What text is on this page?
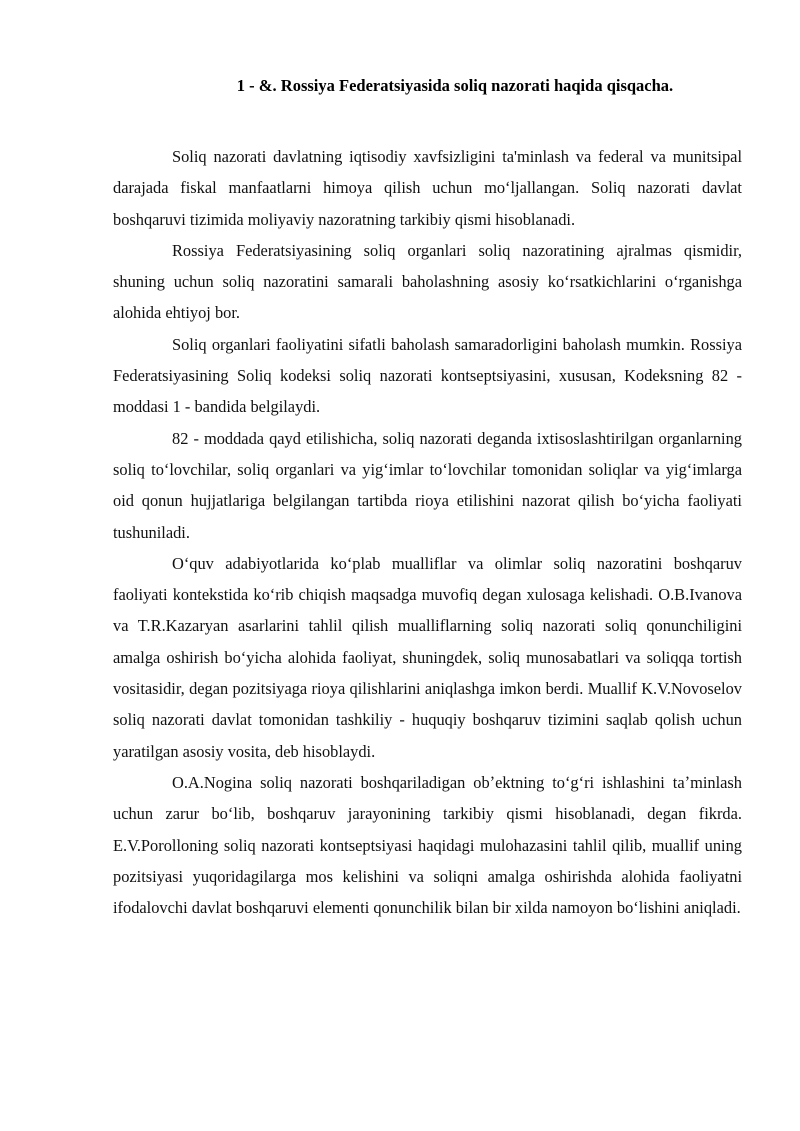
1 - &. Rossiya Federatsiyasida soliq nazorati haqida qisqacha.

Soliq nazorati davlatning iqtisodiy xavfsizligini ta'minlash va federal va munitsipal darajada fiskal manfaatlarni himoya qilish uchun moʻljallangan. Soliq nazorati davlat boshqaruvi tizimida moliyaviy nazoratning tarkibiy qismi hisoblanadi.

Rossiya Federatsiyasining soliq organlari soliq nazoratining ajralmas qismidir, shuning uchun soliq nazoratini samarali baholashning asosiy koʻrsatkichlarini oʻrganishga alohida ehtiyoj bor.

Soliq organlari faoliyatini sifatli baholash samaradorligini baholash mumkin. Rossiya Federatsiyasining Soliq kodeksi soliq nazorati kontseptsiyasini, xususan, Kodeksning 82 - moddasi 1 - bandida belgilaydi.

82 - moddada qayd etilishicha, soliq nazorati deganda ixtisoslashtirilgan organlarning soliq toʻlovchilar, soliq organlari va yigʻimlar toʻlovchilar tomonidan soliqlar va yigʻimlarga oid qonun hujjatlariga belgilangan tartibda rioya etilishini nazorat qilish boʻyicha faoliyati tushuniladi.

Oʻquv adabiyotlarida koʻplab mualliflar va olimlar soliq nazoratini boshqaruv faoliyati kontekstida koʻrib chiqish maqsadga muvofiq degan xulosaga kelishadi. O.B.Ivanova va T.R.Kazaryan asarlarini tahlil qilish mualliflarning soliq nazorati soliq qonunchiligini amalga oshirish boʻyicha alohida faoliyat, shuningdek, soliq munosabatlari va soliqqa tortish vositasidir, degan pozitsiyaga rioya qilishlarini aniqlashga imkon berdi. Muallif K.V.Novoselov soliq nazorati davlat tomonidan tashkiliy - huquqiy boshqaruv tizimini saqlab qolish uchun yaratilgan asosiy vosita, deb hisoblaydi.

O.A.Nogina soliq nazorati boshqariladigan obʼektning toʻgʻri ishlashini taʼminlash uchun zarur boʻlib, boshqaruv jarayonining tarkibiy qismi hisoblanadi, degan fikrda. E.V.Porolloning soliq nazorati kontseptsiyasi haqidagi mulohazasini tahlil qilib, muallif uning pozitsiyasi yuqoridagilarga mos kelishini va soliqni amalga oshirishda alohida faoliyatni ifodalovchi davlat boshqaruvi elementi qonunchilik bilan bir xilda namoyon boʻlishini aniqladi.
